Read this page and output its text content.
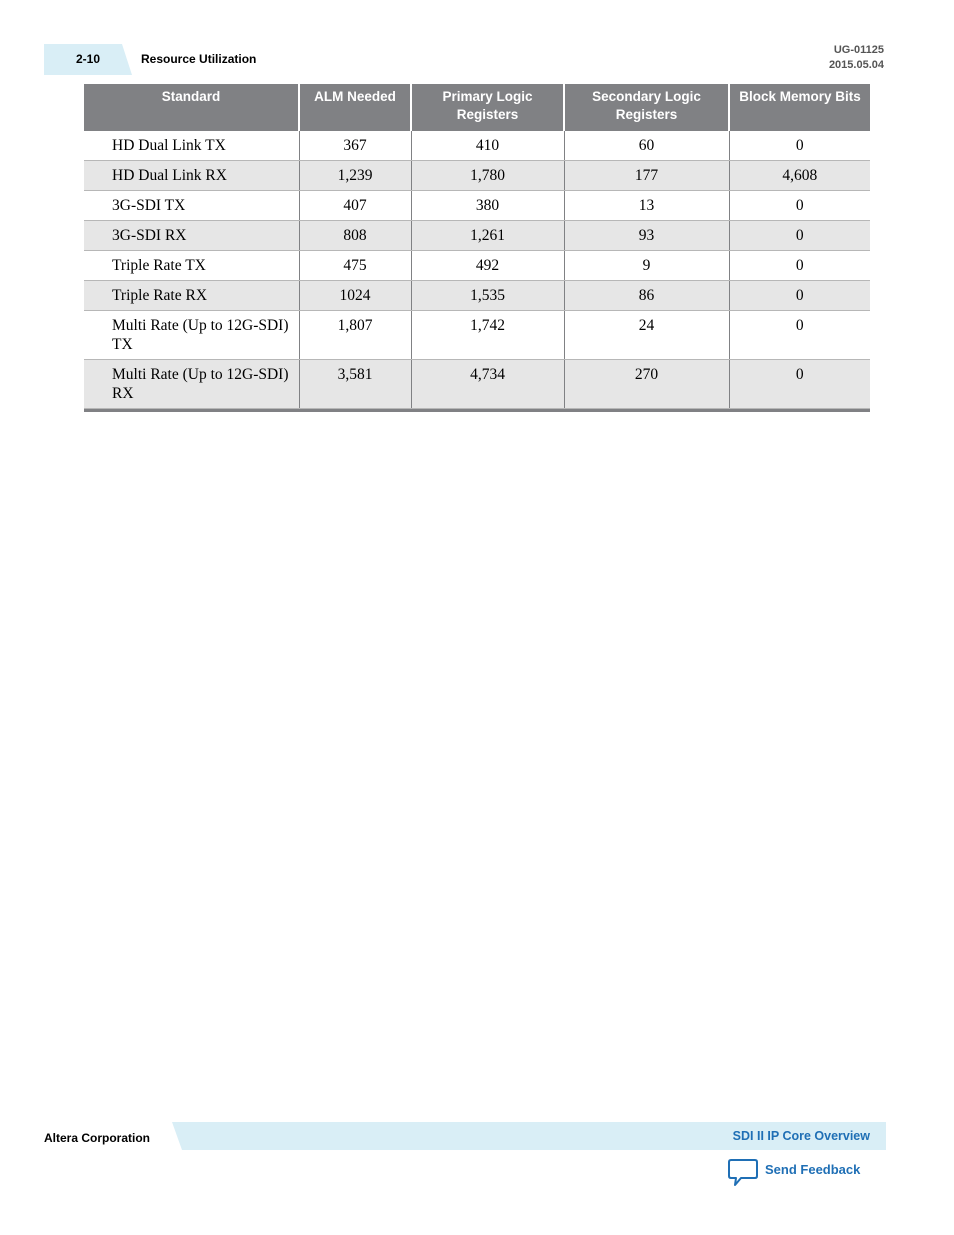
2-10	Resource Utilization
UG-01125
2015.05.04
Standard	ALM Needed	Primary Logic Registers	Secondary Logic Registers	Block Memory Bits
HD Dual Link TX	367	410	60	0
HD Dual Link RX	1,239	1,780	177	4,608
3G-SDI TX	407	380	13	0
3G-SDI RX	808	1,261	93	0
Triple Rate TX	475	492	9	0
Triple Rate RX	1024	1,535	86	0
Multi Rate (Up to 12G-SDI) TX	1,807	1,742	24	0
Multi Rate (Up to 12G-SDI) RX	3,581	4,734	270	0
Altera Corporation	SDI II IP Core Overview
Send Feedback
